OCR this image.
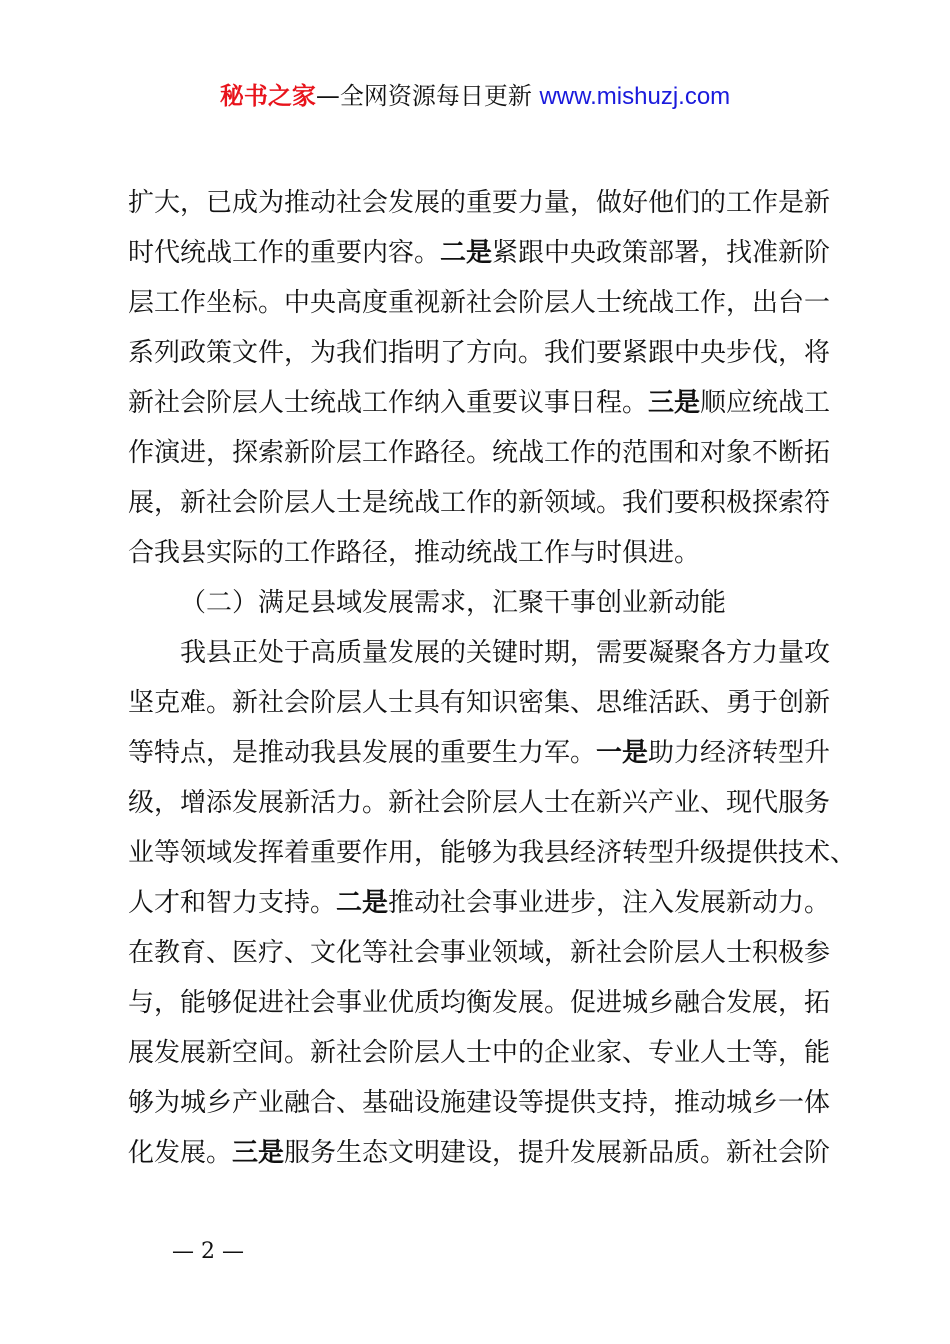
秘书之家—全网资源每日更新 www.mishuzj.com
扩大，已成为推动社会发展的重要力量，做好他们的工作是新
时代统战工作的重要内容。二是紧跟中央政策部署，找准新阶
层工作坐标。中央高度重视新社会阶层人士统战工作，出台一
系列政策文件，为我们指明了方向。我们要紧跟中央步伐，将
新社会阶层人士统战工作纳入重要议事日程。三是顺应统战工
作演进，探索新阶层工作路径。统战工作的范围和对象不断拓
展，新社会阶层人士是统战工作的新领域。我们要积极探索符
合我县实际的工作路径，推动统战工作与时俱进。
（二）满足县域发展需求，汇聚干事创业新动能
我县正处于高质量发展的关键时期，需要凝聚各方力量攻
坚克难。新社会阶层人士具有知识密集、思维活跃、勇于创新
等特点，是推动我县发展的重要生力军。一是助力经济转型升
级，增添发展新活力。新社会阶层人士在新兴产业、现代服务
业等领域发挥着重要作用，能够为我县经济转型升级提供技术、
人才和智力支持。二是推动社会事业进步，注入发展新动力。
在教育、医疗、文化等社会事业领域，新社会阶层人士积极参
与，能够促进社会事业优质均衡发展。促进城乡融合发展，拓
展发展新空间。新社会阶层人士中的企业家、专业人士等，能
够为城乡产业融合、基础设施建设等提供支持，推动城乡一体
化发展。三是服务生态文明建设，提升发展新品质。新社会阶
— 2 —
